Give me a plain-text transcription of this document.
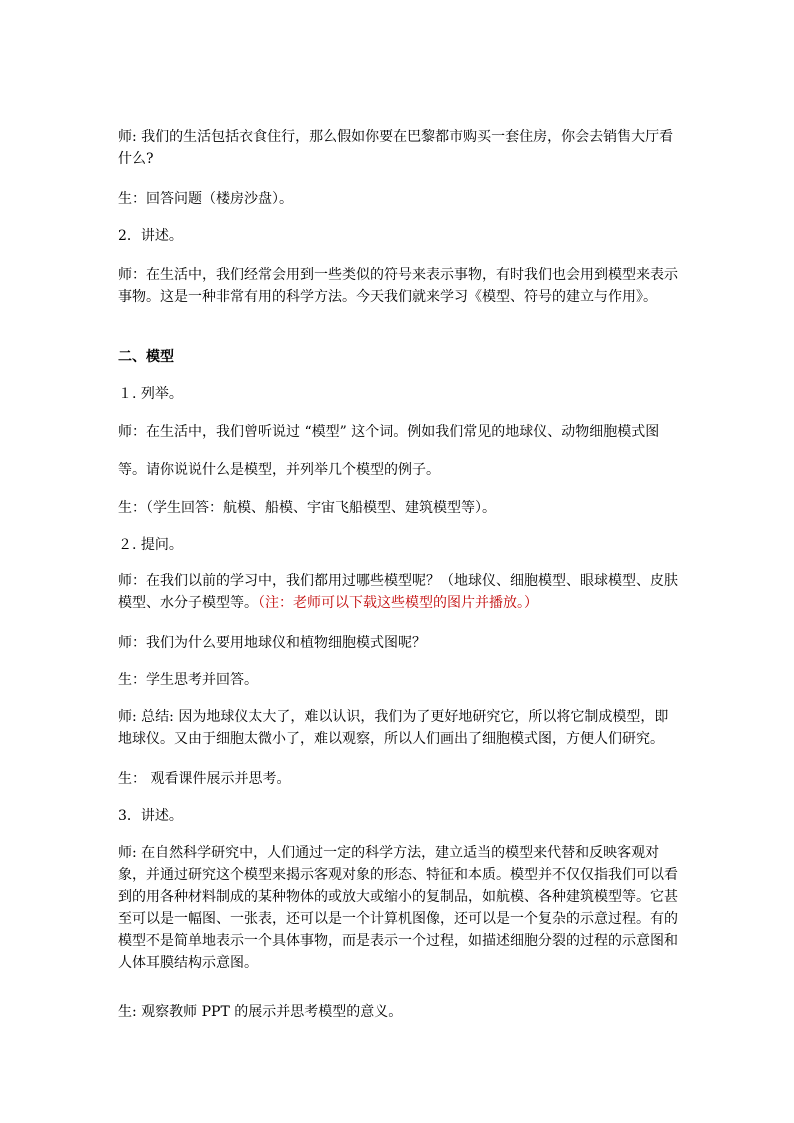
师: 我们的生活包括衣食住行，那么假如你要在巴黎都市购买一套住房，你会去销售大厅看什么?

生：回答问题（楼房沙盘）。

2．讲述。

师：在生活中，我们经常会用到一些类似的符号来表示事物，有时我们也会用到模型来表示事物。这是一种非常有用的科学方法。今天我们就来学习《模型、符号的建立与作用》。

二、模型

１. 列举。

师：在生活中，我们曾听说过 “模型” 这个词。例如我们常见的地球仪、动物细胞模式图

等。请你说说什么是模型，并列举几个模型的例子。

生：（学生回答：航模、船模、宇宙飞船模型、建筑模型等）。

２. 提问。

师：在我们以前的学习中，我们都用过哪些模型呢？（地球仪、细胞模型、眼球模型、皮肤模型、水分子模型等。（注：老师可以下载这些模型的图片并播放。）

师：我们为什么要用地球仪和植物细胞模式图呢？

生：学生思考并回答。

师: 总结: 因为地球仪太大了，难以认识，我们为了更好地研究它，所以将它制成模型，即地球仪。又由于细胞太微小了，难以观察，所以人们画出了细胞模式图，方便人们研究。

生： 观看课件展示并思考。

3．讲述。

师: 在自然科学研究中，人们通过一定的科学方法，建立适当的模型来代替和反映客观对象，并通过研究这个模型来揭示客观对象的形态、特征和本质。模型并不仅仅指我们可以看到的用各种材料制成的某种物体的或放大或缩小的复制品，如航模、各种建筑模型等。它甚至可以是一幅图、一张表，还可以是一个计算机图像，还可以是一个复杂的示意过程。有的模型不是简单地表示一个具体事物，而是表示一个过程，如描述细胞分裂的过程的示意图和人体耳膜结构示意图。

生: 观察教师 PPT 的展示并思考模型的意义。
